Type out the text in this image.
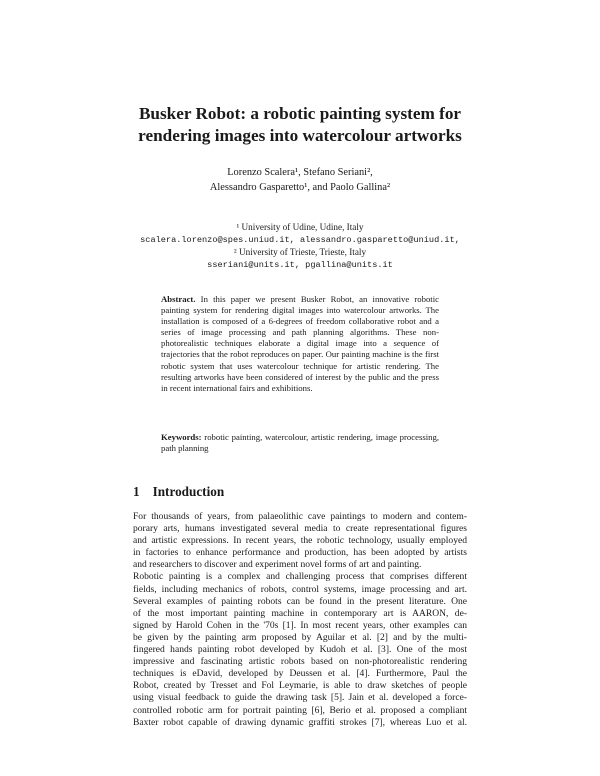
Busker Robot: a robotic painting system for
rendering images into watercolour artworks
Lorenzo Scalera¹, Stefano Seriani²,
Alessandro Gasparetto¹, and Paolo Gallina²
¹ University of Udine, Udine, Italy
scalera.lorenzo@spes.uniud.it, alessandro.gasparetto@uniud.it,
² University of Trieste, Trieste, Italy
sseriani@units.it, pgallina@units.it
Abstract. In this paper we present Busker Robot, an innovative robotic painting system for rendering digital images into watercolour artworks. The installation is composed of a 6-degrees of freedom collaborative robot and a series of image processing and path planning algorithms. These non-photorealistic techniques elaborate a digital image into a sequence of trajectories that the robot reproduces on paper. Our painting machine is the first robotic system that uses watercolour technique for artistic rendering. The resulting artworks have been considered of interest by the public and the press in recent international fairs and exhibitions.
Keywords: robotic painting, watercolour, artistic rendering, image processing, path planning
1 Introduction
For thousands of years, from palaeolithic cave paintings to modern and contem-
porary arts, humans investigated several media to create representational figures
and artistic expressions. In recent years, the robotic technology, usually employed
in factories to enhance performance and production, has been adopted by artists
and researchers to discover and experiment novel forms of art and painting.
Robotic painting is a complex and challenging process that comprises different
fields, including mechanics of robots, control systems, image processing and art.
Several examples of painting robots can be found in the present literature. One
of the most important painting machine in contemporary art is AARON, de-
signed by Harold Cohen in the '70s [1]. In most recent years, other examples can
be given by the painting arm proposed by Aguilar et al. [2] and by the multi-
fingered hands painting robot developed by Kudoh et al. [3]. One of the most
impressive and fascinating artistic robots based on non-photorealistic rendering
techniques is eDavid, developed by Deussen et al. [4]. Furthermore, Paul the
Robot, created by Tresset and Fol Leymarie, is able to draw sketches of people
using visual feedback to guide the drawing task [5]. Jain et al. developed a force-
controlled robotic arm for portrait painting [6], Berio et al. proposed a compliant
Baxter robot capable of drawing dynamic graffiti strokes [7], whereas Luo et al.
